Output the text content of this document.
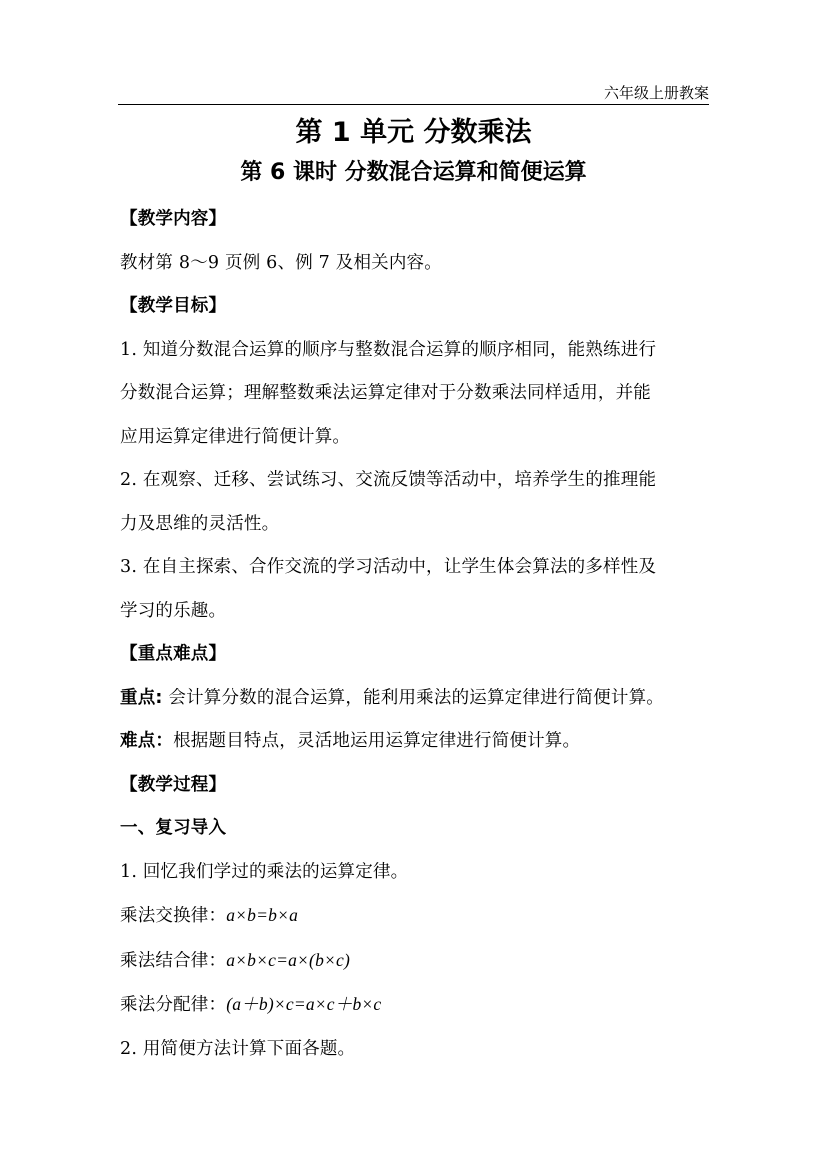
六年级上册教案
第 1 单元 分数乘法
第 6 课时 分数混合运算和简便运算
【教学内容】
教材第 8～9 页例 6、例 7 及相关内容。
【教学目标】
1. 知道分数混合运算的顺序与整数混合运算的顺序相同，能熟练进行
分数混合运算；理解整数乘法运算定律对于分数乘法同样适用，并能
应用运算定律进行简便计算。
2. 在观察、迁移、尝试练习、交流反馈等活动中，培养学生的推理能
力及思维的灵活性。
3. 在自主探索、合作交流的学习活动中，让学生体会算法的多样性及
学习的乐趣。
【重点难点】
重点: 会计算分数的混合运算，能利用乘法的运算定律进行简便计算。
难点：根据题目特点，灵活地运用运算定律进行简便计算。
【教学过程】
一、复习导入
1. 回忆我们学过的乘法的运算定律。
乘法交换律：a×b=b×a
乘法结合律：a×b×c=a×(b×c)
乘法分配律：(a＋b)×c=a×c＋b×c
2. 用简便方法计算下面各题。
